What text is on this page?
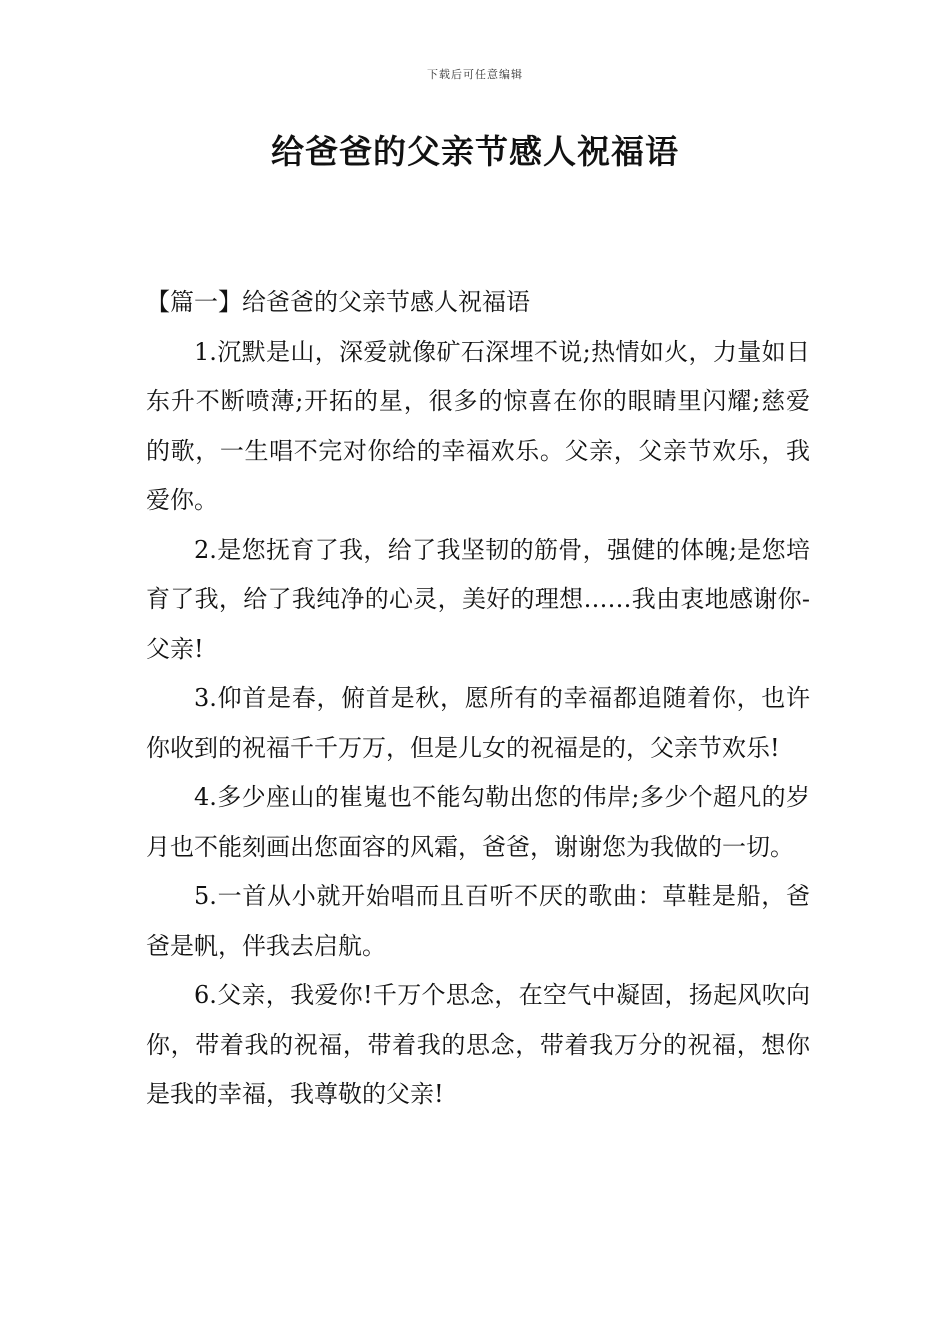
下载后可任意编辑
给爸爸的父亲节感人祝福语

【篇一】给爸爸的父亲节感人祝福语

1.沉默是山，深爱就像矿石深埋不说;热情如火，力量如日东升不断喷薄;开拓的星，很多的惊喜在你的眼睛里闪耀;慈爱的歌，一生唱不完对你给的幸福欢乐。父亲，父亲节欢乐，我爱你。

2.是您抚育了我，给了我坚韧的筋骨，强健的体魄;是您培育了我，给了我纯净的心灵，美好的理想……我由衷地感谢你-父亲!

3.仰首是春，俯首是秋，愿所有的幸福都追随着你，也许你收到的祝福千千万万，但是儿女的祝福是的，父亲节欢乐!

4.多少座山的崔嵬也不能勾勒出您的伟岸;多少个超凡的岁月也不能刻画出您面容的风霜，爸爸，谢谢您为我做的一切。

5.一首从小就开始唱而且百听不厌的歌曲：草鞋是船，爸爸是帆，伴我去启航。

6.父亲，我爱你!千万个思念，在空气中凝固，扬起风吹向你，带着我的祝福，带着我的思念，带着我万分的祝福，想你是我的幸福，我尊敬的父亲!
